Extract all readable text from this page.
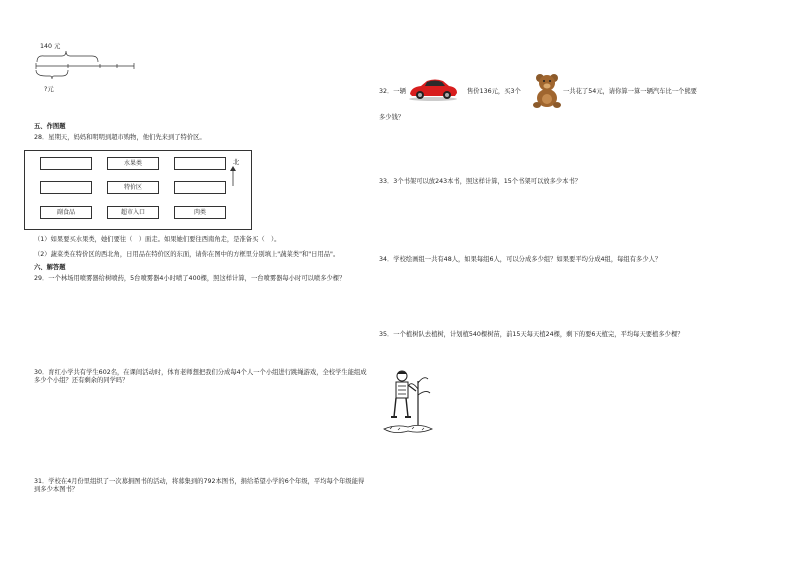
140 元
?元
五、作图题
28．星期天，妈妈和明明到超市购物，他们先来到了特价区。
水果类
特价区
副食品	超市入口	肉类
北
（1）如果要买水果类，她们要往（　）面走。如果她们要往西南角走，是准备买（　）。
（2）蔬菜类在特价区的西北角，日用品在特价区的东面，请你在图中的方框里分别填上"蔬菜类"和"日用品"。
六、解答题
29．一个林场用喷雾器给树喷药，5台喷雾器4小时喷了400棵，照这样计算，一台喷雾器每小时可以喷多少棵？
30．育红小学共有学生602名，在课间活动时，体育老师想把我们分成每4个人一个小组进行跳绳游戏，全校学生能组成多少个小组？还有剩余的同学吗？
31．学校在4月份里组织了一次募捐图书的活动，将募集到的792本图书，捐给希望小学的6个年级，平均每个年级能得到多少本图书？
32．一辆	售价136元，买3个	一共花了54元，请你算一算一辆汽车比一个熊要
多少钱？
33．3个书架可以放243本书，照这样计算，15个书架可以放多少本书？
34．学校绘画组一共有48人，如果每组6人，可以分成多少组？如果要平均分成4组，每组有多少人？
35．一个植树队去植树，计划植540棵树苗，前15天每天植24棵，剩下的要6天植完，平均每天要植多少棵？
